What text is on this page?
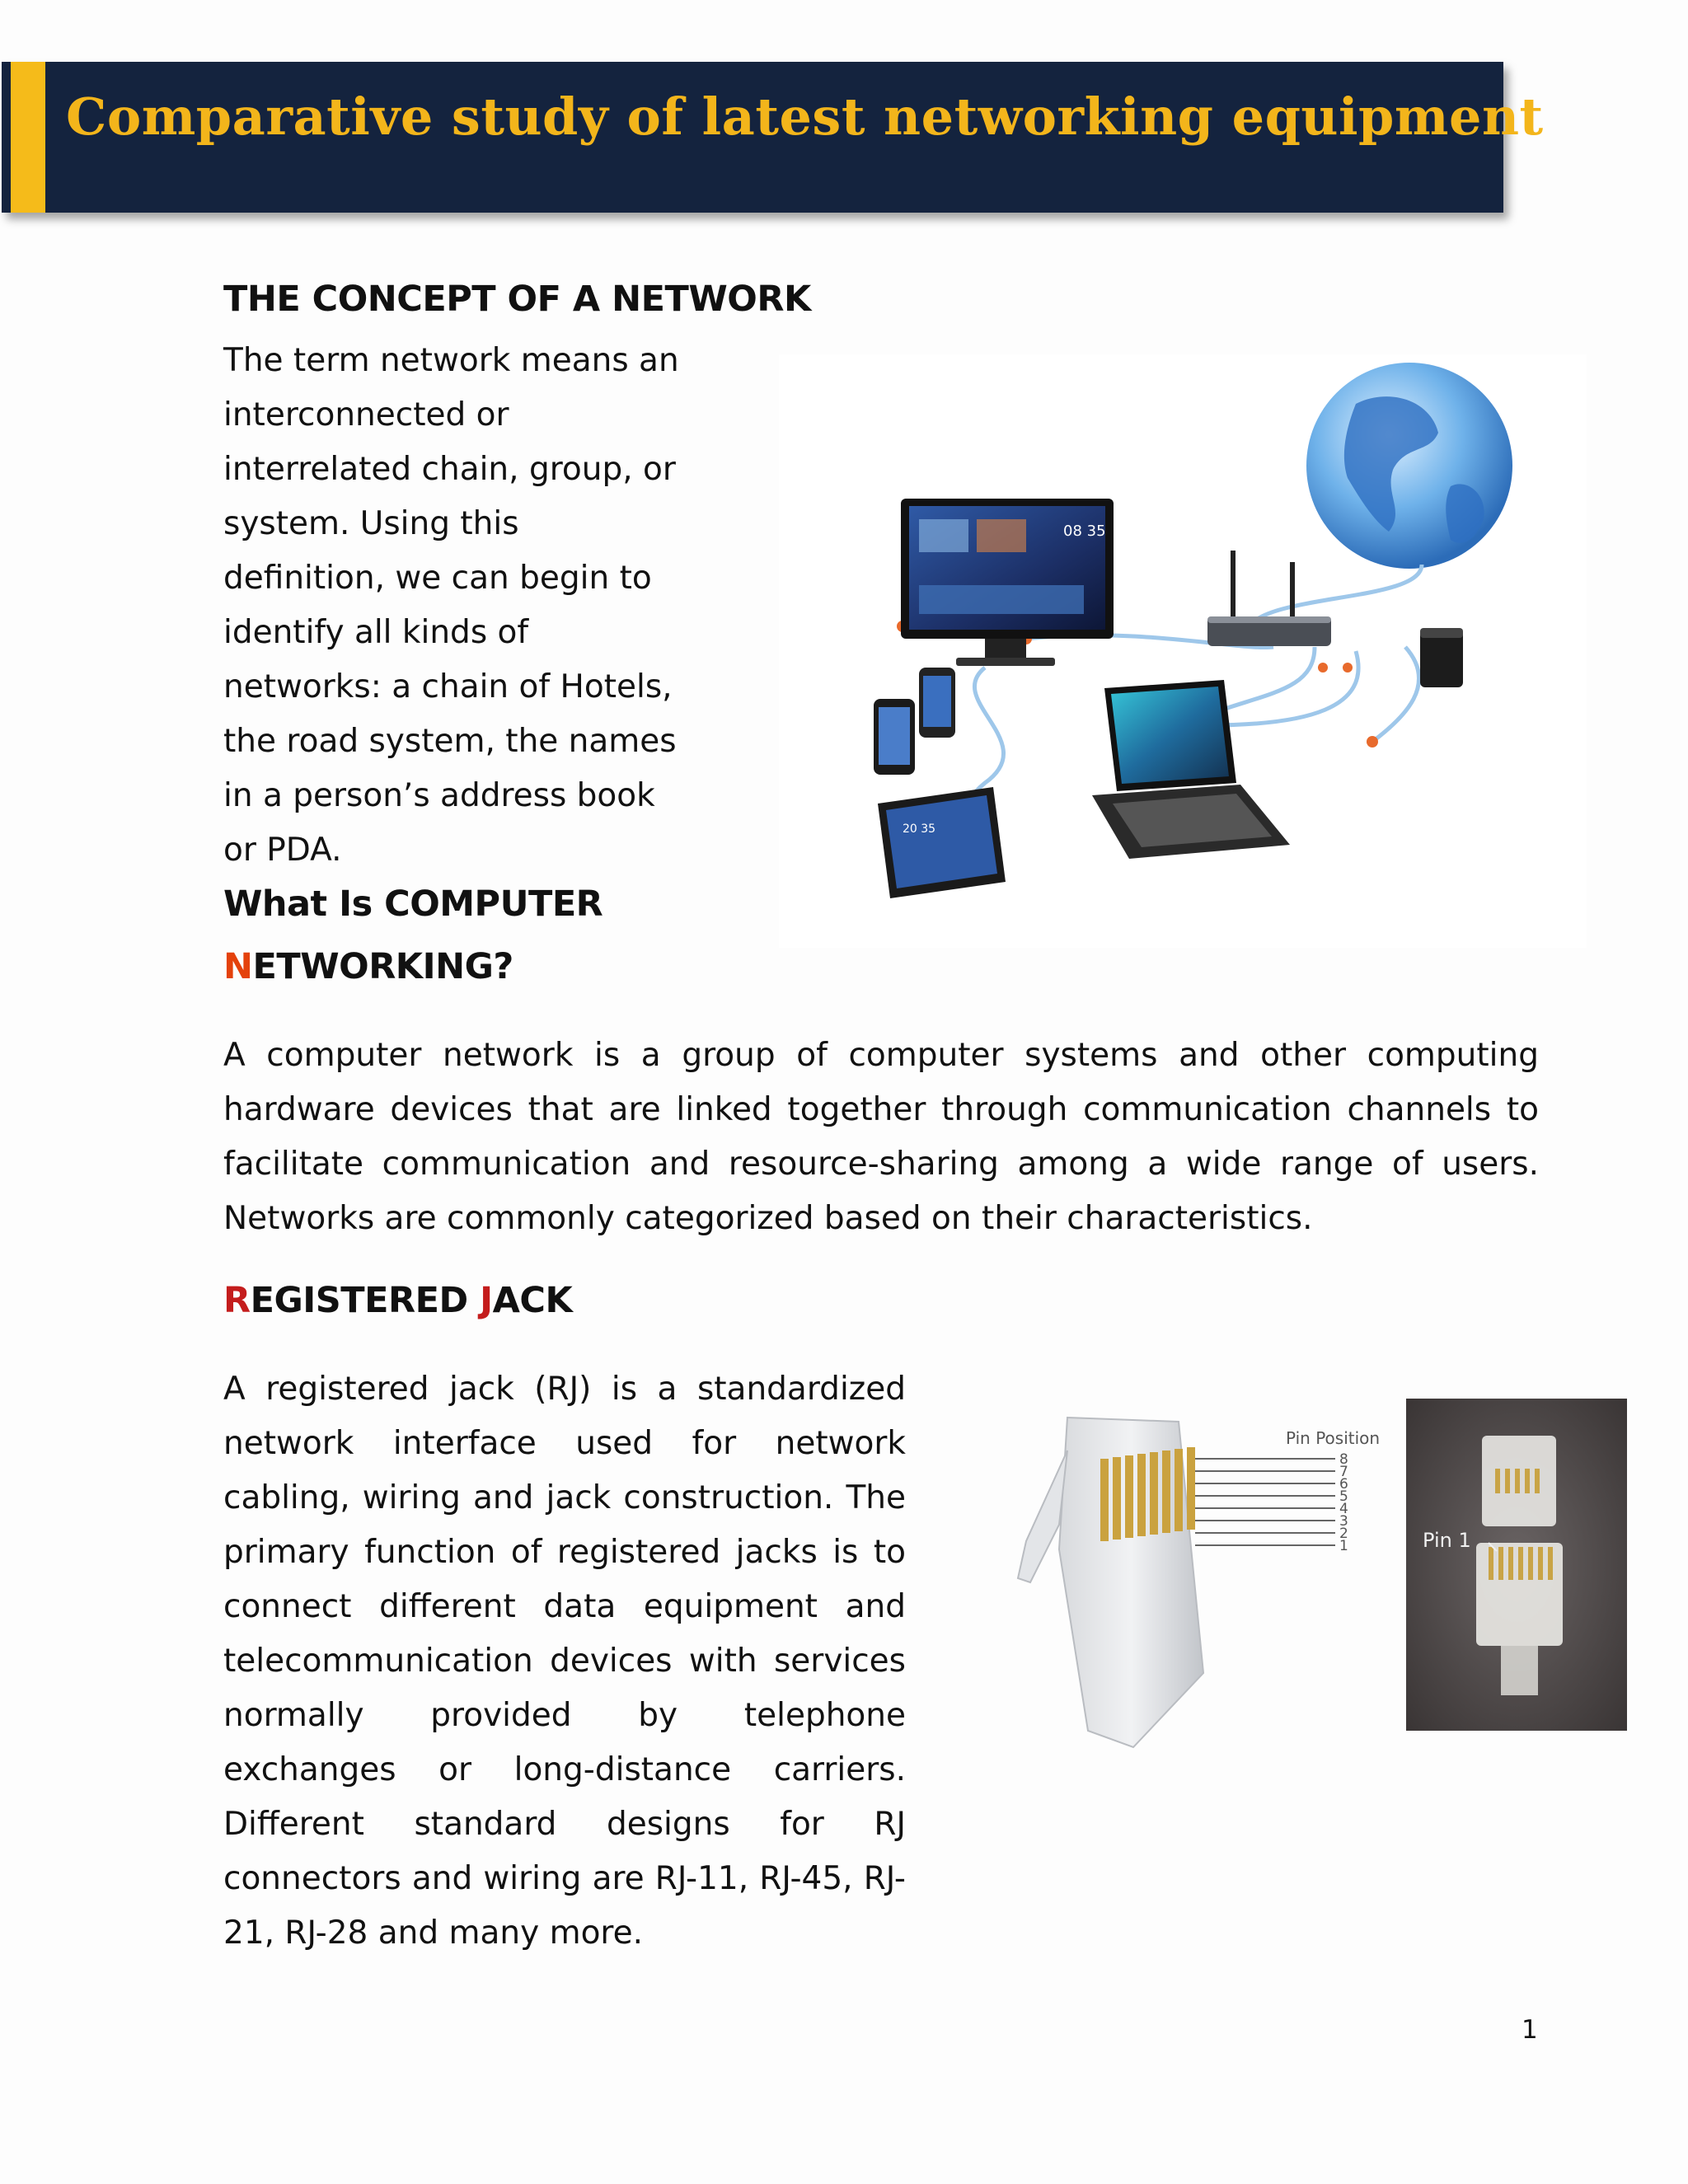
Comparative study of latest networking equipment
THE CONCEPT OF A NETWORK

The term network means an interconnected or interrelated chain, group, or system. Using this definition, we can begin to identify all kinds of networks: a chain of Hotels, the road system, the names in a person’s address book or PDA.

08 35
20 35
What Is COMPUTER
NETWORKING?

A computer network is a group of computer systems and other computing hardware devices that are linked together through communication channels to facilitate communication and resource-sharing among a wide range of users. Networks are commonly categorized based on their characteristics.

REGISTERED JACK

A registered jack (RJ) is a standardized network interface used for network cabling, wiring and jack construction. The primary function of registered jacks is to connect different data equipment and telecommunication devices with services normally provided by telephone exchanges or long-distance carriers. Different standard designs for RJ connectors and wiring are RJ-11, RJ-45, RJ-21, RJ-28 and many more.

Pin Position
8
7
6
5
4
3
2
1	Pin 1
1
